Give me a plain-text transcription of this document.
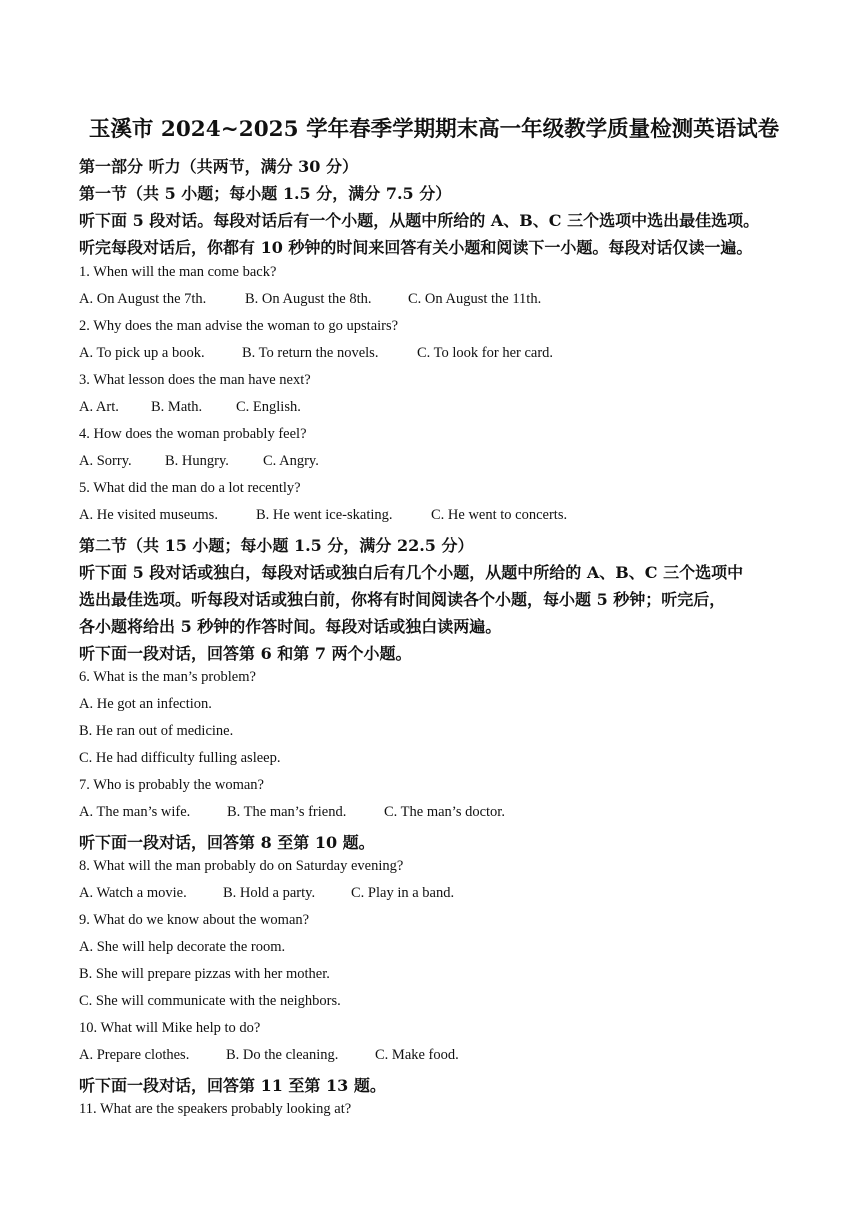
玉溪市 2024~2025 学年春季学期期末高一年级教学质量检测英语试卷
第一部分 听力（共两节，满分 30 分）
第一节（共 5 小题；每小题 1.5 分，满分 7.5 分）
听下面 5 段对话。每段对话后有一个小题，从题中所给的 A、B、C 三个选项中选出最佳选项。
听完每段对话后，你都有 10 秒钟的时间来回答有关小题和阅读下一小题。每段对话仅读一遍。
1. When will the man come back?
A. On August the 7th.	B. On August the 8th.	C. On August the 11th.
2. Why does the man advise the woman to go upstairs?
A. To pick up a book.	B. To return the novels.	C. To look for her card.
3. What lesson does the man have next?
A. Art. B. Math. C. English.
4. How does the woman probably feel?
A. Sorry. B. Hungry. C. Angry.
5. What did the man do a lot recently?
A. He visited museums.	B. He went ice-skating.	C. He went to concerts.
第二节（共 15 小题；每小题 1.5 分，满分 22.5 分）
听下面 5 段对话或独白，每段对话或独白后有几个小题，从题中所给的 A、B、C 三个选项中
选出最佳选项。听每段对话或独白前，你将有时间阅读各个小题，每小题 5 秒钟；听完后，
各小题将给出 5 秒钟的作答时间。每段对话或独白读两遍。
听下面一段对话，回答第 6 和第 7 两个小题。
6. What is the man’s problem?
A. He got an infection.
B. He ran out of medicine.
C. He had difficulty fulling asleep.
7. Who is probably the woman?
A. The man’s wife.	B. The man’s friend.	C. The man’s doctor.
听下面一段对话，回答第 8 至第 10 题。
8. What will the man probably do on Saturday evening?
A. Watch a movie.	B. Hold a party. C. Play in a band.
9. What do we know about the woman?
A. She will help decorate the room.
B. She will prepare pizzas with her mother.
C. She will communicate with the neighbors.
10. What will Mike help to do?
A. Prepare clothes.	B. Do the cleaning.	C. Make food.
听下面一段对话，回答第 11 至第 13 题。
11. What are the speakers probably looking at?
